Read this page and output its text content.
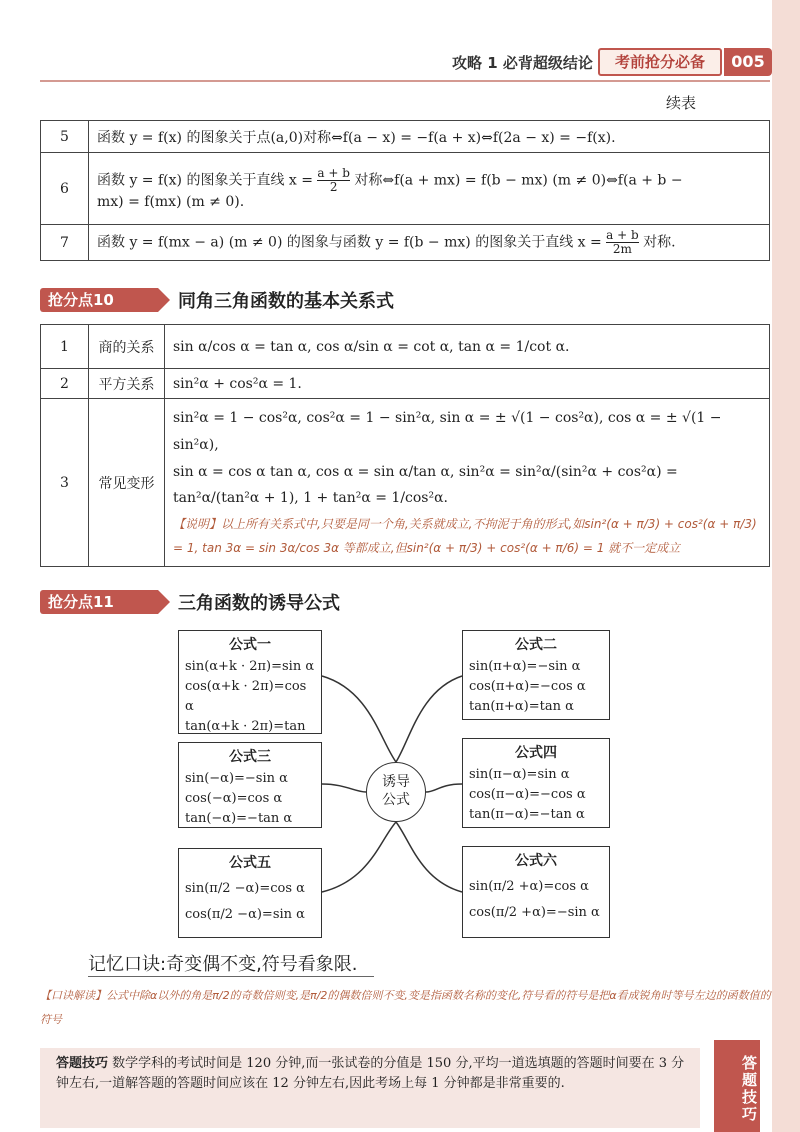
攻略 1 必背超级结论	考前抢分必备	005
续表
5	函数 y = f(x) 的图象关于点(a,0)对称⇔f(a − x) = −f(a + x)⇔f(2a − x) = −f(x).
6	函数 y = f(x) 的图象关于直线 $x = \frac{a + b}{2}$ 对称⇔f(a + mx) = f(b − mx) (m ≠ 0)⇔f(a + b −
mx) = f(mx) (m ≠ 0).

7	函数 y = f(mx − a) (m ≠ 0) 的图象与函数 y = f(b − mx) 的图象关于直线 $x = \frac{a + b}{2m}$ 对称.
抢分点10	同角三角函数的基本关系式
1	商的关系	sin α/cos α = tan α, cos α/sin α = cot α, tan α = 1/cot α.
2	平方关系	sin²α + cos²α = 1.
3	常见变形	sin²α = 1 − cos²α, cos²α = 1 − sin²α, sin α = ± √(1 − cos²α), cos α = ± √(1 − sin²α),
sin α = cos α tan α, cos α = sin α/tan α, sin²α = sin²α/(sin²α + cos²α) = tan²α/(tan²α + 1), 1 + tan²α = 1/cos²α.
【说明】以上所有关系式中,只要是同一个角,关系就成立,不拘泥于角的形式,如sin²(α + π/3) + cos²(α + π/3) = 1, tan 3α = sin 3α/cos 3α 等都成立,但sin²(α + π/3) + cos²(α + π/6) = 1 就不一定成立
抢分点11	三角函数的诱导公式
公式一
sin(α+k · 2π)=sin α
cos(α+k · 2π)=cos α
tan(α+k · 2π)=tan
公式二
sin(π+α)=−sin α
cos(π+α)=−cos α
tan(π+α)=tan α
公式三
sin(−α)=−sin α
cos(−α)=cos α
tan(−α)=−tan α
公式四
sin(π−α)=sin α
cos(π−α)=−cos α
tan(π−α)=−tan α
公式五
sin(π/2 −α)=cos α
cos(π/2 −α)=sin α
公式六
sin(π/2 +α)=cos α
cos(π/2 +α)=−sin α
诱导
公式
记忆口诀:奇变偶不变,符号看象限.
【口诀解读】公式中除α以外的角是π/2的奇数倍则变,是π/2的偶数倍则不变,变是指函数名称的变化,符号看的符号是把α看成锐角时等号左边的函数值的符号
答题技巧 数学学科的考试时间是 120 分钟,而一张试卷的分值是 150 分,平均一道选填题的答题时间要在 3 分钟左右,一道解答题的答题时间应该在 12 分钟左右,因此考场上每 1 分钟都是非常重要的.	答题技巧
